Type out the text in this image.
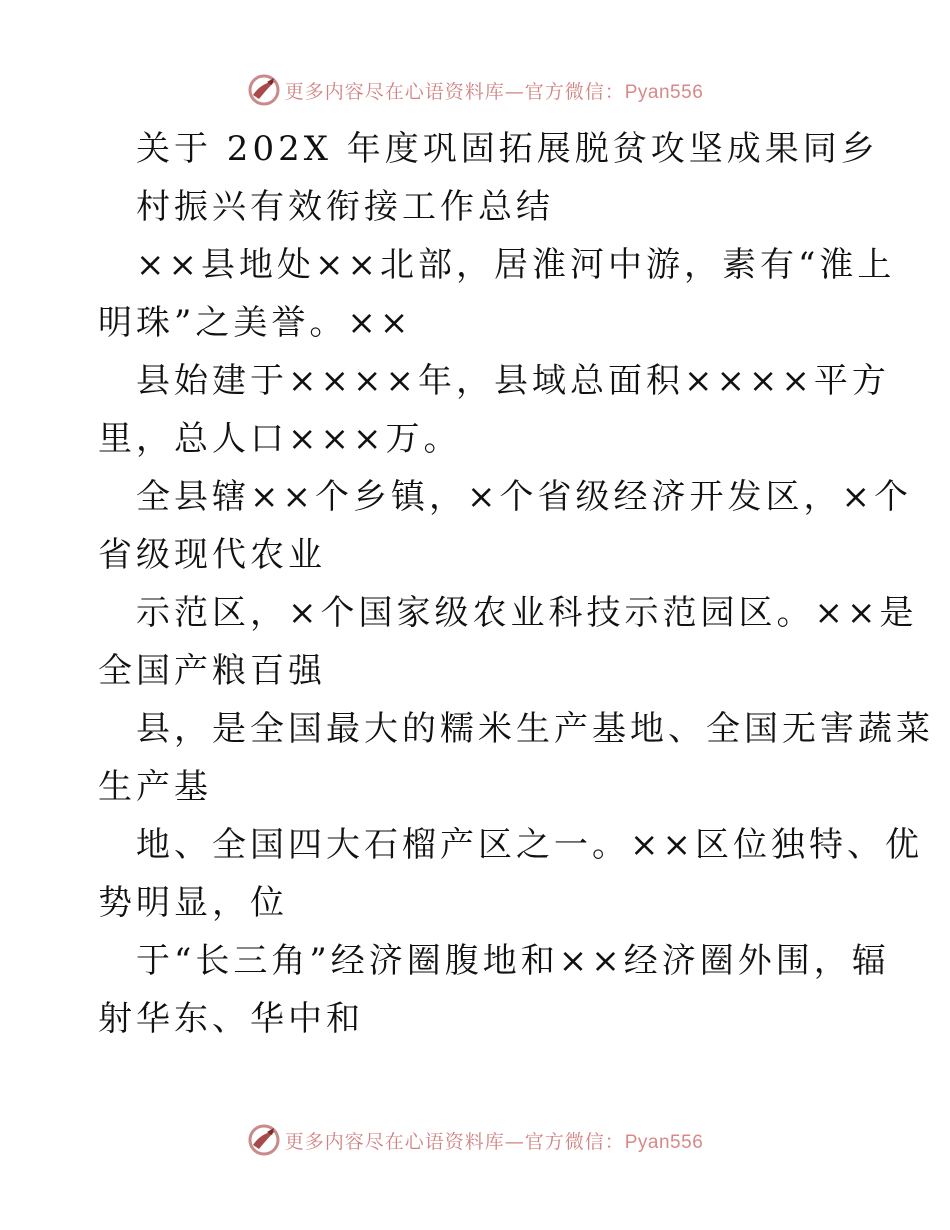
更多内容尽在心语资料库—官方微信：Pyan556
关于 202X 年度巩固拓展脱贫攻坚成果同乡
村振兴有效衔接工作总结
××县地处××北部，居淮河中游，素有“淮上
明珠”之美誉。××
县始建于××××年，县域总面积××××平方
里，总人口×××万。
全县辖××个乡镇，×个省级经济开发区，×个
省级现代农业
示范区，×个国家级农业科技示范园区。××是
全国产粮百强
县，是全国最大的糯米生产基地、全国无害蔬菜
生产基
地、全国四大石榴产区之一。××区位独特、优
势明显，位
于“长三角”经济圈腹地和××经济圈外围，辐
射华东、华中和
更多内容尽在心语资料库—官方微信：Pyan556
